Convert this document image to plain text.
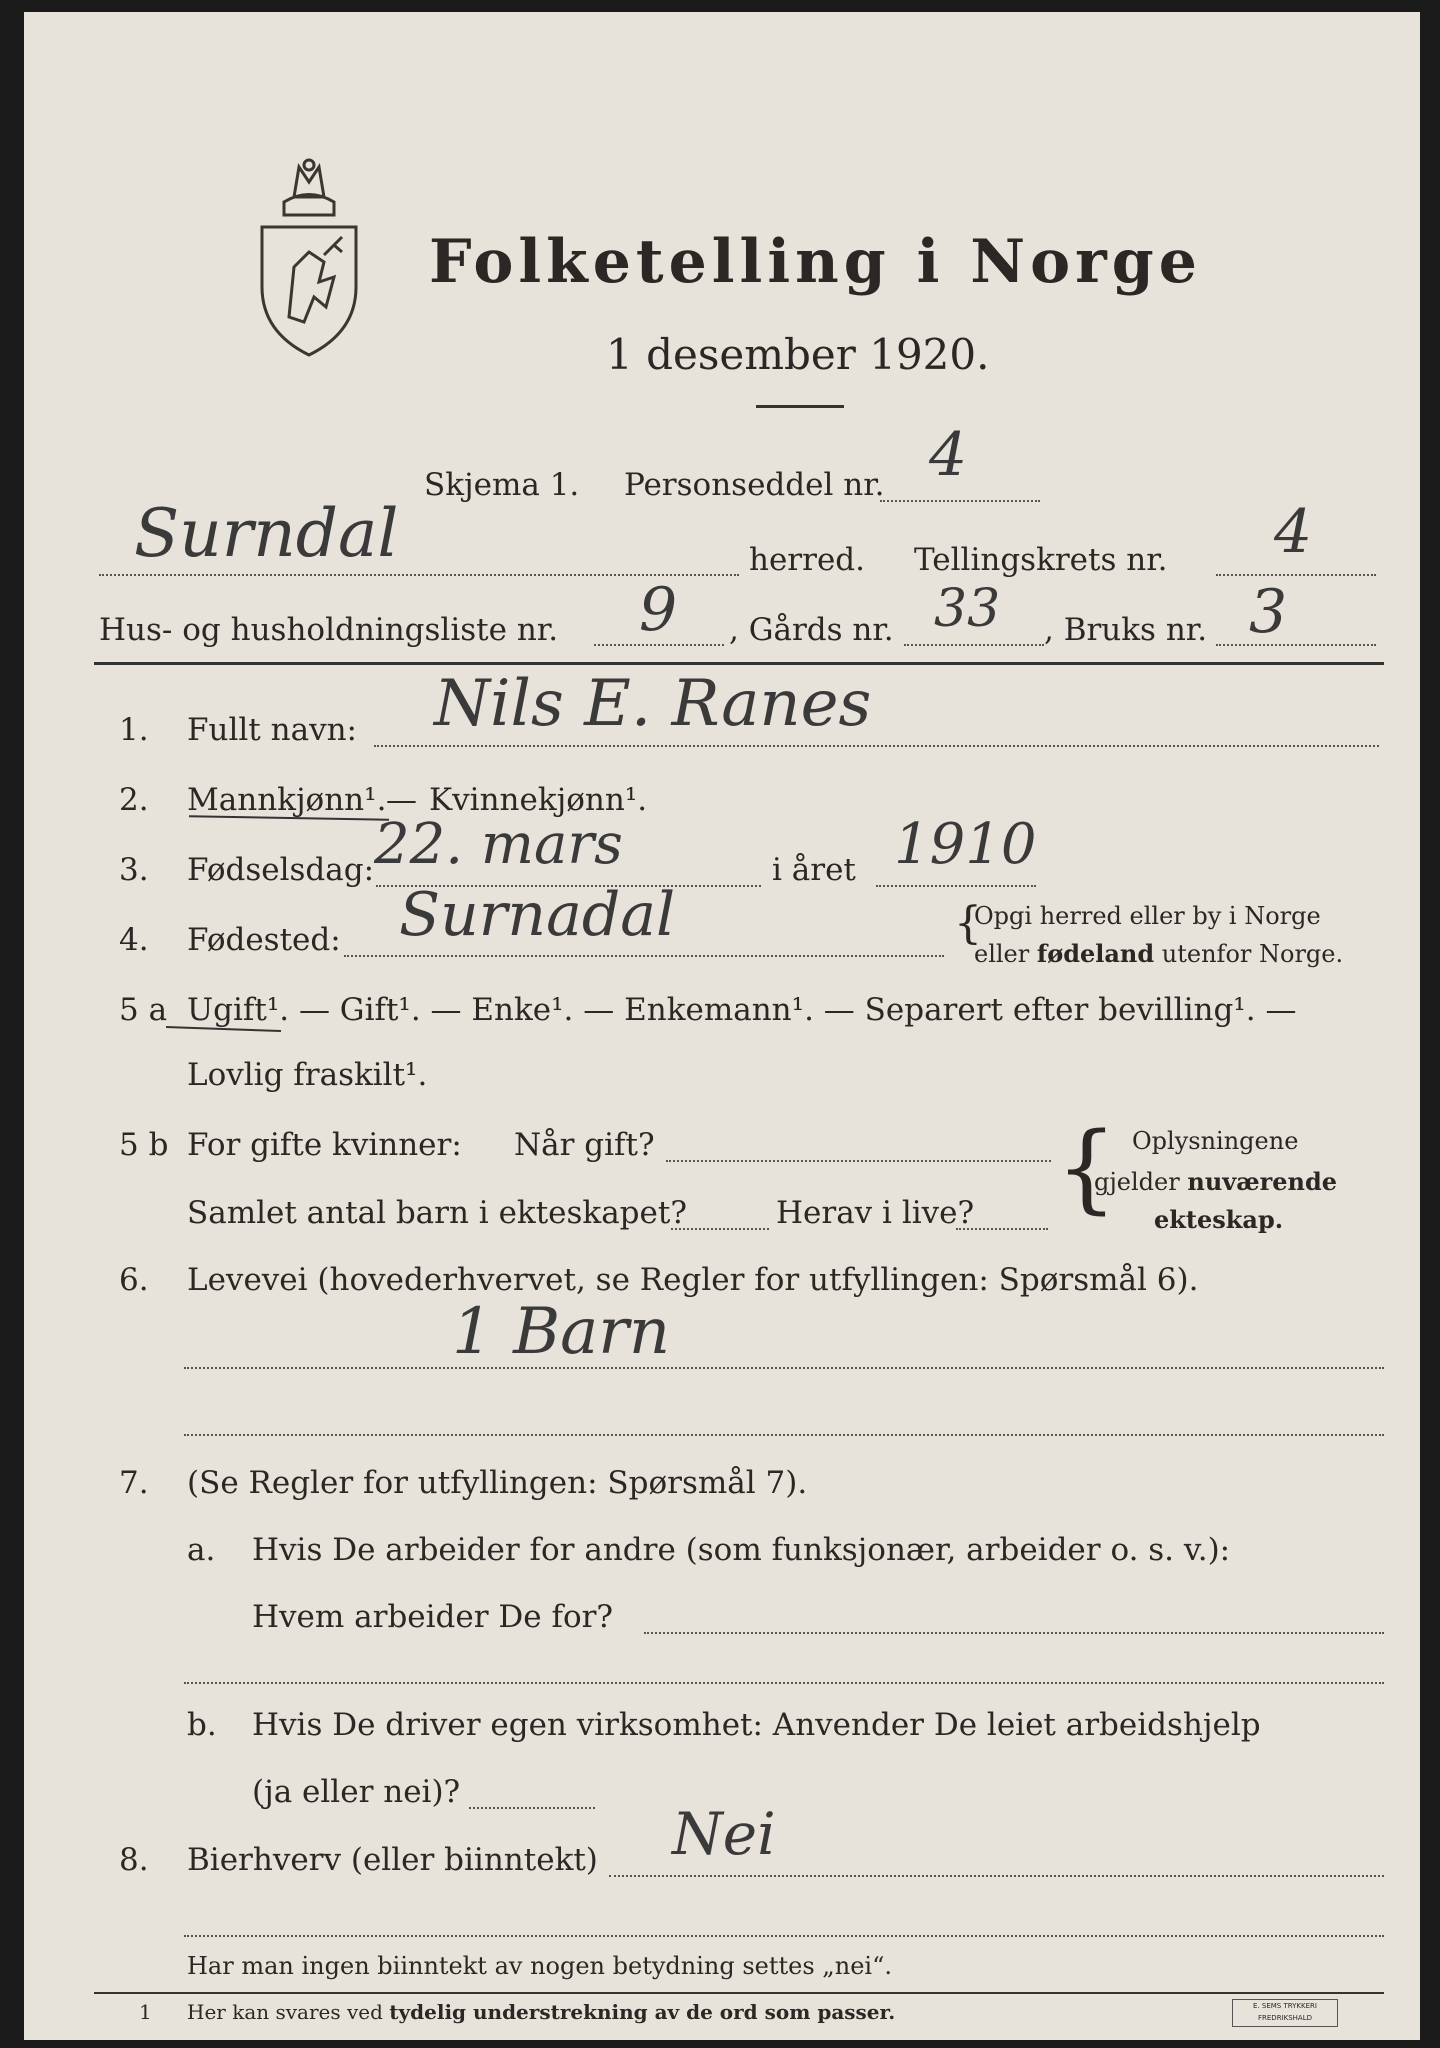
Folketelling i Norge
1 desember 1920.
Skjema 1. Personseddel nr. 4
Surndal	herred. Tellingskrets nr. 4
Hus- og husholdningsliste nr. 9 , Gårds nr. 33 , Bruks nr. 3
1. Fullt navn: Nils E. Ranes
2. Mannkjønn¹. — Kvinnekjønn¹.
3. Fødselsdag: 22. mars	i året 1910
4. Fødested: Surnadal	{
Opgi herred eller by i Norge
eller fødeland utenfor Norge.
5 a Ugift¹. — Gift¹. — Enke¹. — Enkemann¹. — Separert efter bevilling¹. —
Lovlig fraskilt¹.
5 b For gifte kvinner: Når gift?
Samlet antal barn i ekteskapet?	Herav i live? { Oplysningene
gjelder nuværende
ekteskap.
6. Levevei (hovederhvervet, se Regler for utfyllingen: Spørsmål 6).
1 Barn
7. (Se Regler for utfyllingen: Spørsmål 7).
a. Hvis De arbeider for andre (som funksjonær, arbeider o. s. v.):
Hvem arbeider De for?
b. Hvis De driver egen virksomhet: Anvender De leiet arbeidshjelp
(ja eller nei)?
8. Bierhverv (eller biinntekt) Nei
Har man ingen biinntekt av nogen betydning settes „nei“.
1 Her kan svares ved tydelig understrekning av de ord som passer.	E. SEMS TRYKKERI
FREDRIKSHALD
